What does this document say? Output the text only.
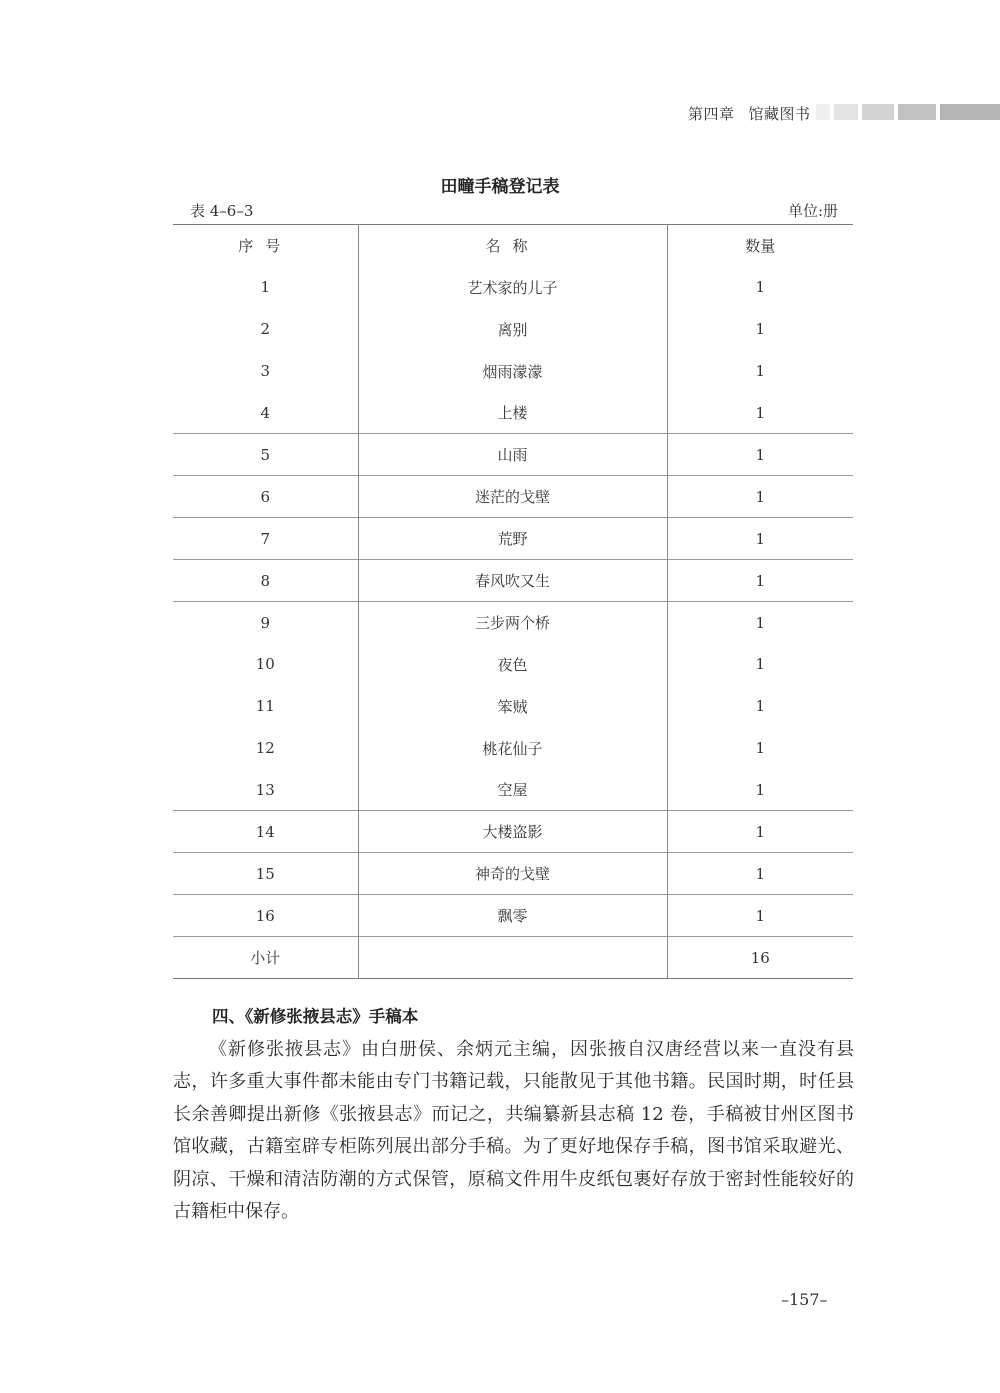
第四章 馆藏图书
田疃手稿登记表
表 4–6–3	单位:册
序号	名称	数量
1	艺术家的儿子	1
2	离别	1
3	烟雨濛濛	1
4	上楼	1
5	山雨	1
6	迷茫的戈壁	1
7	荒野	1
8	春风吹又生	1
9	三步两个桥	1
10	夜色	1
11	笨贼	1
12	桃花仙子	1
13	空屋	1
14	大楼盗影	1
15	神奇的戈壁	1
16	飘零	1
小计		16
四、《新修张掖县志》手稿本

《新修张掖县志》由白册侯、余炳元主编，因张掖自汉唐经营以来一直没有县志，许多重大事件都未能由专门书籍记载，只能散见于其他书籍。民国时期，时任县长余善卿提出新修《张掖县志》而记之，共编纂新县志稿 12 卷，手稿被甘州区图书馆收藏，古籍室辟专柜陈列展出部分手稿。为了更好地保存手稿，图书馆采取避光、阴凉、干燥和清洁防潮的方式保管，原稿文件用牛皮纸包裹好存放于密封性能较好的古籍柜中保存。

–157–
